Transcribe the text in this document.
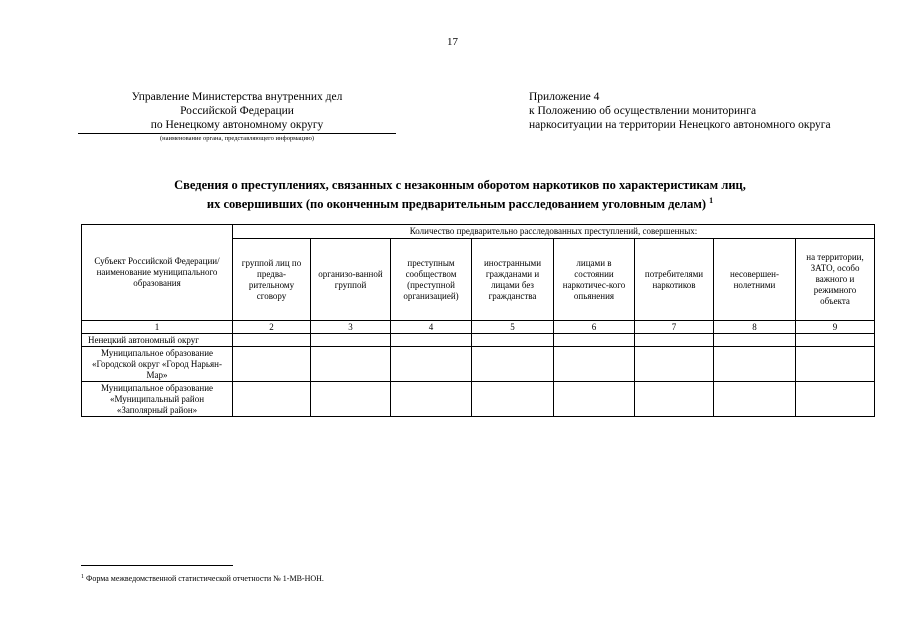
17
Управление Министерства внутренних дел
Российской Федерации
по Ненецкому автономному округу
(наименование органа, представляющего информацию)
Приложение 4
к Положению об осуществлении мониторинга
наркоситуации на территории Ненецкого автономного округа
Сведения о преступлениях, связанных с незаконным оборотом наркотиков по характеристикам лиц,
их совершивших (по оконченным предварительным расследованием уголовным делам) $^1$
Субъект Российской Федерации/ наименование муниципального образования	Количество предварительно расследованных преступлений, совершенных:							
	группой лиц по предва-рительному сговору	организо-ванной группой	преступным сообществом (преступной организацией)	иностранными гражданами и лицами без гражданства	лицами в состоянии наркотичес-кого опьянения	потребителями наркотиков	несовершен-нолетними	на территории, ЗАТО, особо важного и режимного объекта
1	2	3	4	5	6	7	8	9
Ненецкий автономный округ								
Муниципальное образование «Городской округ «Город Нарьян-Мар»								
Муниципальное образование «Муниципальный район «Заполярный район»								
$^1$ Форма межведомственной статистической отчетности № 1-МВ-НОН.
